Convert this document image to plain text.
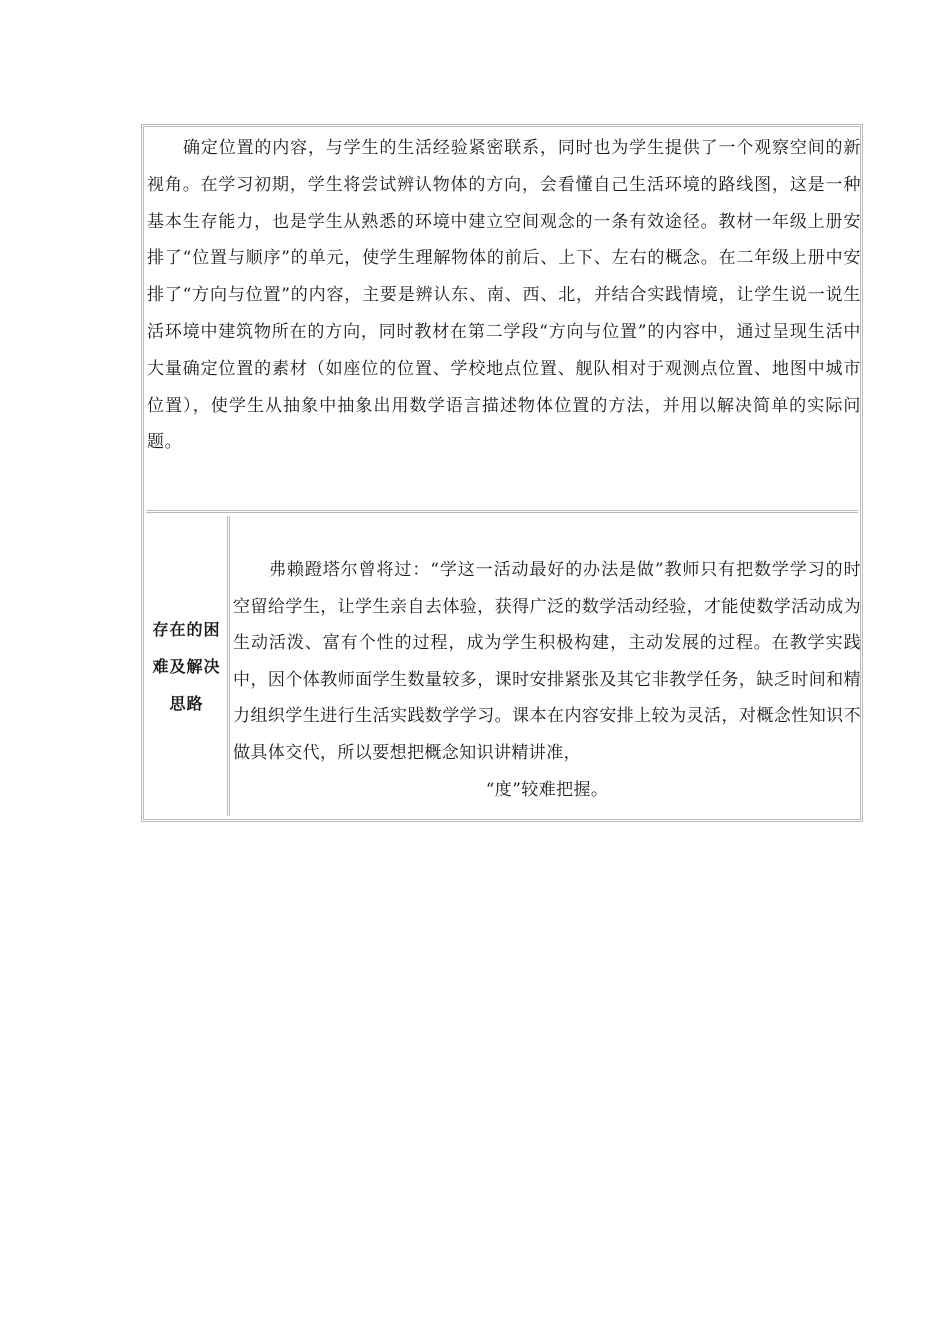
确定位置的内容，与学生的生活经验紧密联系，同时也为学生提供了一个观察空间的新视角。在学习初期，学生将尝试辨认物体的方向，会看懂自己生活环境的路线图，这是一种基本生存能力，也是学生从熟悉的环境中建立空间观念的一条有效途径。教材一年级上册安排了“位置与顺序”的单元，使学生理解物体的前后、上下、左右的概念。在二年级上册中安排了“方向与位置”的内容，主要是辨认东、南、西、北，并结合实践情境，让学生说一说生活环境中建筑物所在的方向，同时教材在第二学段“方向与位置”的内容中，通过呈现生活中大量确定位置的素材（如座位的位置、学校地点位置、舰队相对于观测点位置、地图中城市位置），使学生从抽象中抽象出用数学语言描述物体位置的方法，并用以解决简单的实际问题。
存在的困难及解决思路
弗赖蹬塔尔曾将过：“学这一活动最好的办法是做”教师只有把数学学习的时空留给学生，让学生亲自去体验，获得广泛的数学活动经验，才能使数学活动成为生动活泼、富有个性的过程，成为学生积极构建，主动发展的过程。在教学实践中，因个体教师面学生数量较多，课时安排紧张及其它非教学任务，缺乏时间和精力组织学生进行生活实践数学学习。课本在内容安排上较为灵活，对概念性知识不做具体交代，所以要想把概念知识讲精讲准，
“度”较难把握。
